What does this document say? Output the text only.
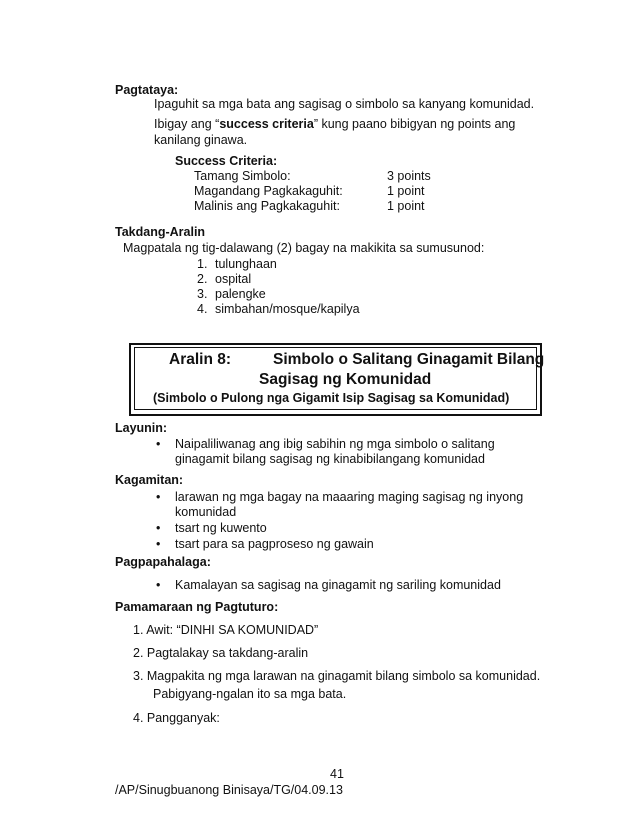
Pagtataya:
Ipaguhit sa mga bata ang sagisag o simbolo sa kanyang komunidad.
Ibigay ang “success criteria” kung paano bibigyan ng points ang
kanilang ginawa.
Success Criteria:
Tamang Simbolo:	3 points
Magandang Pagkakaguhit:	1 point
Malinis ang Pagkakaguhit:	1 point
Takdang-Aralin
Magpatala ng tig-dalawang (2) bagay na makikita sa sumusunod:
1. tulunghaan
2. ospital
3. palengke
4. simbahan/mosque/kapilya
Aralin 8:	Simbolo o Salitang Ginagamit Bilang
Sagisag ng Komunidad
(Simbolo o Pulong nga Gigamit Isip Sagisag sa Komunidad)
Layunin:
• Naipaliliwanag ang ibig sabihin ng mga simbolo o salitang
ginagamit bilang sagisag ng kinabibilangang komunidad
Kagamitan:
• larawan ng mga bagay na maaaring maging sagisag ng inyong
komunidad
• tsart ng kuwento
• tsart para sa pagproseso ng gawain
Pagpapahalaga:
• Kamalayan sa sagisag na ginagamit ng sariling komunidad
Pamamaraan ng Pagtuturo:
1. Awit: “DINHI SA KOMUNIDAD”
2. Pagtalakay sa takdang-aralin
3. Magpakita ng mga larawan na ginagamit bilang simbolo sa komunidad.
Pabigyang-ngalan ito sa mga bata.
4. Pangganyak:
41
/AP/Sinugbuanong Binisaya/TG/04.09.13
